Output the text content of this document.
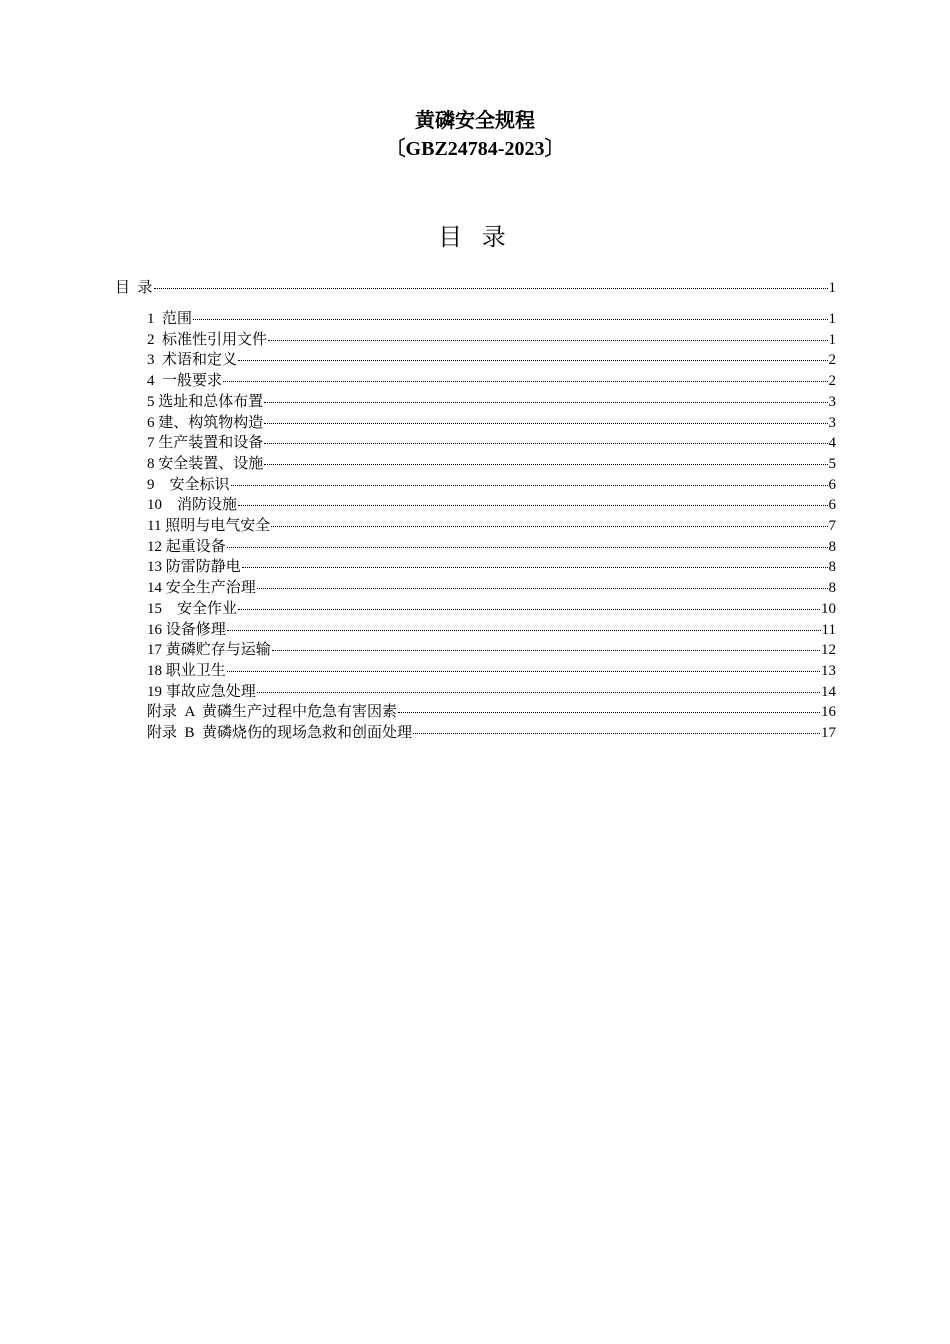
黄磷安全规程
〔GBZ24784-2023〕
目 录
目  录	1
1  范围	1
2  标准性引用文件	1
3  术语和定义	2
4  一般要求	2
5 选址和总体布置	3
6 建、构筑物构造	3
7 生产装置和设备	4
8 安全装置、设施	5
9    安全标识	6
10    消防设施	6
11 照明与电气安全	7
12 起重设备	8
13 防雷防静电	8
14 安全生产治理	8
15    安全作业	10
16 设备修理	11
17 黄磷贮存与运输	12
18 职业卫生	13
19 事故应急处理	14
附录  A  黄磷生产过程中危急有害因素	16
附录  B  黄磷烧伤的现场急救和创面处理	17
